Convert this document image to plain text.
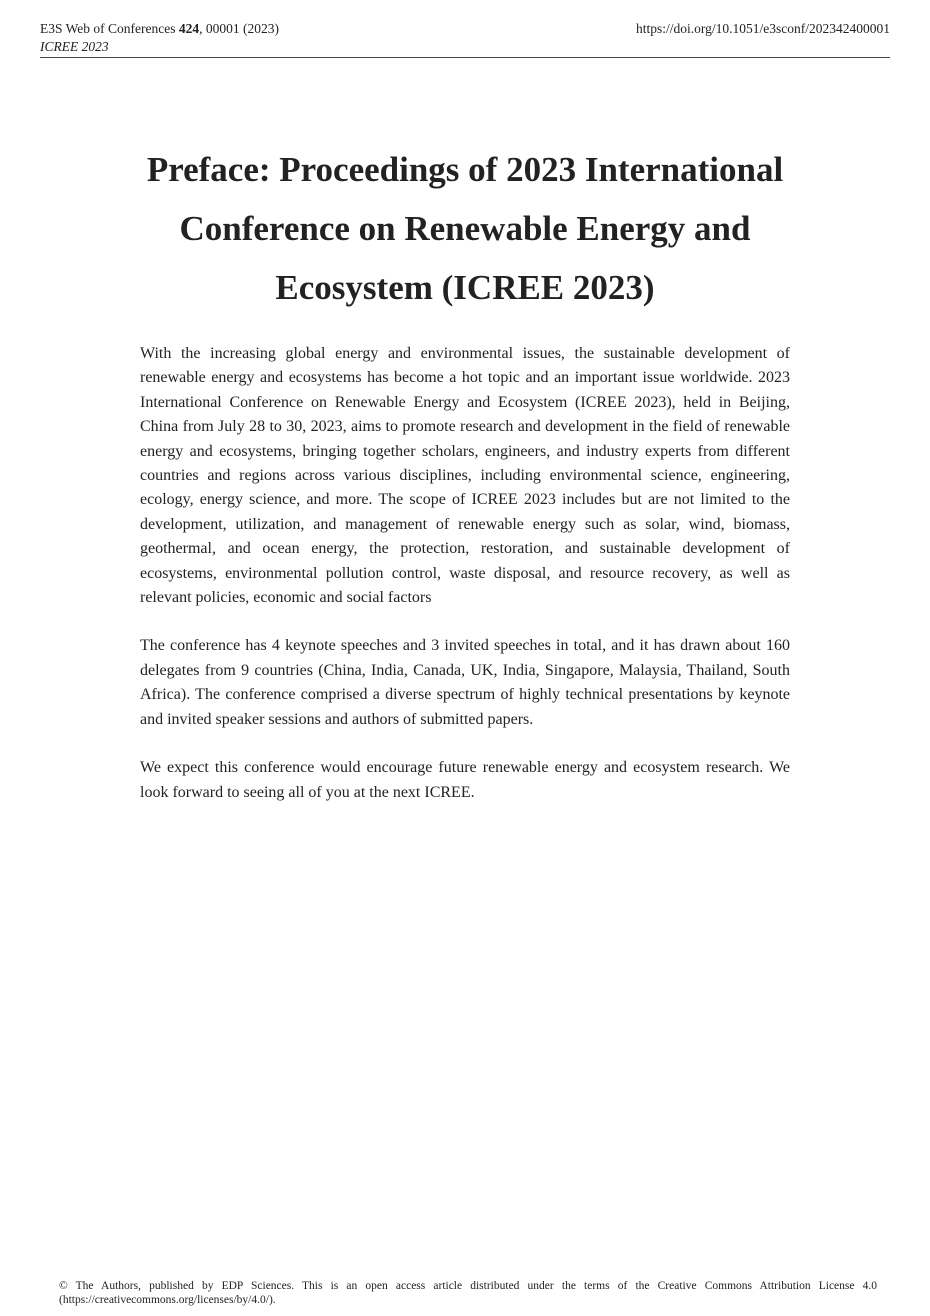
E3S Web of Conferences 424, 00001 (2023)
ICREE 2023
https://doi.org/10.1051/e3sconf/202342400001
Preface: Proceedings of 2023 International Conference on Renewable Energy and Ecosystem (ICREE 2023)

With the increasing global energy and environmental issues, the sustainable development of renewable energy and ecosystems has become a hot topic and an important issue worldwide. 2023 International Conference on Renewable Energy and Ecosystem (ICREE 2023), held in Beijing, China from July 28 to 30, 2023, aims to promote research and development in the field of renewable energy and ecosystems, bringing together scholars, engineers, and industry experts from different countries and regions across various disciplines, including environmental science, engineering, ecology, energy science, and more. The scope of ICREE 2023 includes but are not limited to the development, utilization, and management of renewable energy such as solar, wind, biomass, geothermal, and ocean energy, the protection, restoration, and sustainable development of ecosystems, environmental pollution control, waste disposal, and resource recovery, as well as relevant policies, economic and social factors

The conference has 4 keynote speeches and 3 invited speeches in total, and it has drawn about 160 delegates from 9 countries (China, India, Canada, UK, India, Singapore, Malaysia, Thailand, South Africa). The conference comprised a diverse spectrum of highly technical presentations by keynote and invited speaker sessions and authors of submitted papers.

We expect this conference would encourage future renewable energy and ecosystem research. We look forward to seeing all of you at the next ICREE.

© The Authors, published by EDP Sciences. This is an open access article distributed under the terms of the Creative Commons Attribution License 4.0 (https://creativecommons.org/licenses/by/4.0/).
